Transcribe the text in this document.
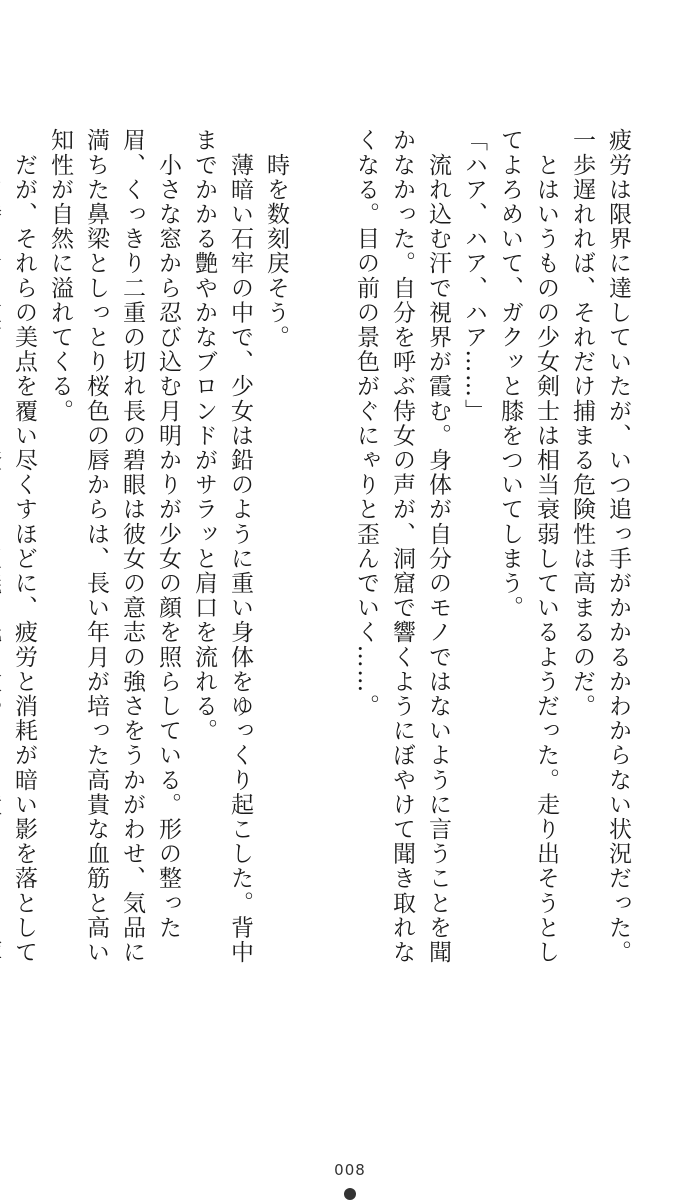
疲労は限界に達していたが、いつ追っ手がかかるかわからない状況だった。一歩遅れれば、それだけ捕まる危険性は高まるのだ。

　とはいうものの少女剣士は相当衰弱しているようだった。走り出そうとしてよろめいて、ガクッと膝をついてしまう。

「ハア、ハア、ハア……」

　流れ込む汗で視界が霞む。身体が自分のモノではないように言うことを聞かなかった。自分を呼ぶ侍女の声が、洞窟で響くようにぼやけて聞き取れなくなる。目の前の景色がぐにゃりと歪んでいく……。

　時を数刻戻そう。

　薄暗い石牢の中で、少女は鉛のように重い身体をゆっくり起こした。背中までかかる艶やかなブロンドがサラッと肩口を流れる。

　小さな窓から忍び込む月明かりが少女の顔を照らしている。形の整った眉、くっきり二重の切れ長の碧眼は彼女の意志の強さをうかがわせ、気品に満ちた鼻梁としっとり桜色の唇からは、長い年月が培った高貴な血筋と高い知性が自然に溢れてくる。

　だが、それらの美点を覆い尽くすほどに、疲労と消耗が暗い影を落として

008
